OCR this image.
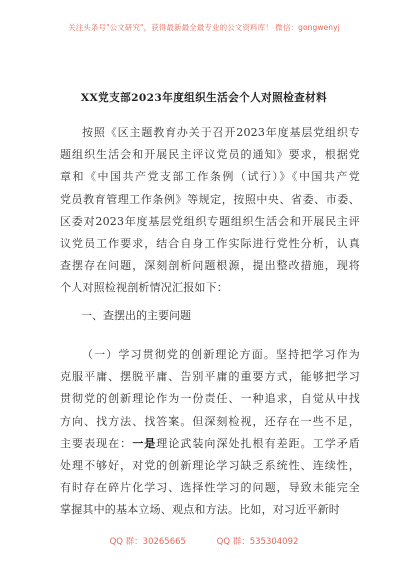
关注头条号"公文研究"，获得最新最全最专业的公文资料库！ 微信：gongwenyj
XX党支部2023年度组织生活会个人对照检查材料
按照《区主题教育办关于召开2023年度基层党组织专
题组织生活会和开展民主评议党员的通知》要求，根据党
章和《中国共产党支部工作条例（试行）》《中国共产党
党员教育管理工作条例》等规定，按照中央、省委、市委、
区委对2023年度基层党组织专题组织生活会和开展民主评
议党员工作要求，结合自身工作实际进行党性分析，认真
查摆存在问题，深刻剖析问题根源，提出整改措施，现将
个人对照检视剖析情况汇报如下：
一、查摆出的主要问题
（一）学习贯彻党的创新理论方面。坚持把学习作为
克服平庸、摆脱平庸、告别平庸的重要方式，能够把学习
贯彻党的创新理论作为一份责任、一种追求，自觉从中找
方向、找方法、找答案。但深刻检视，还存在一些不足，
主要表现在：一是理论武装向深处扎根有差距。工学矛盾
处理不够好，对党的创新理论学习缺乏系统性、连续性，
有时存在碎片化学习、选择性学习的问题，导致未能完全
掌握其中的基本立场、观点和方法。比如，对习近平新时
QQ 群：30265665	QQ 群：535304092
